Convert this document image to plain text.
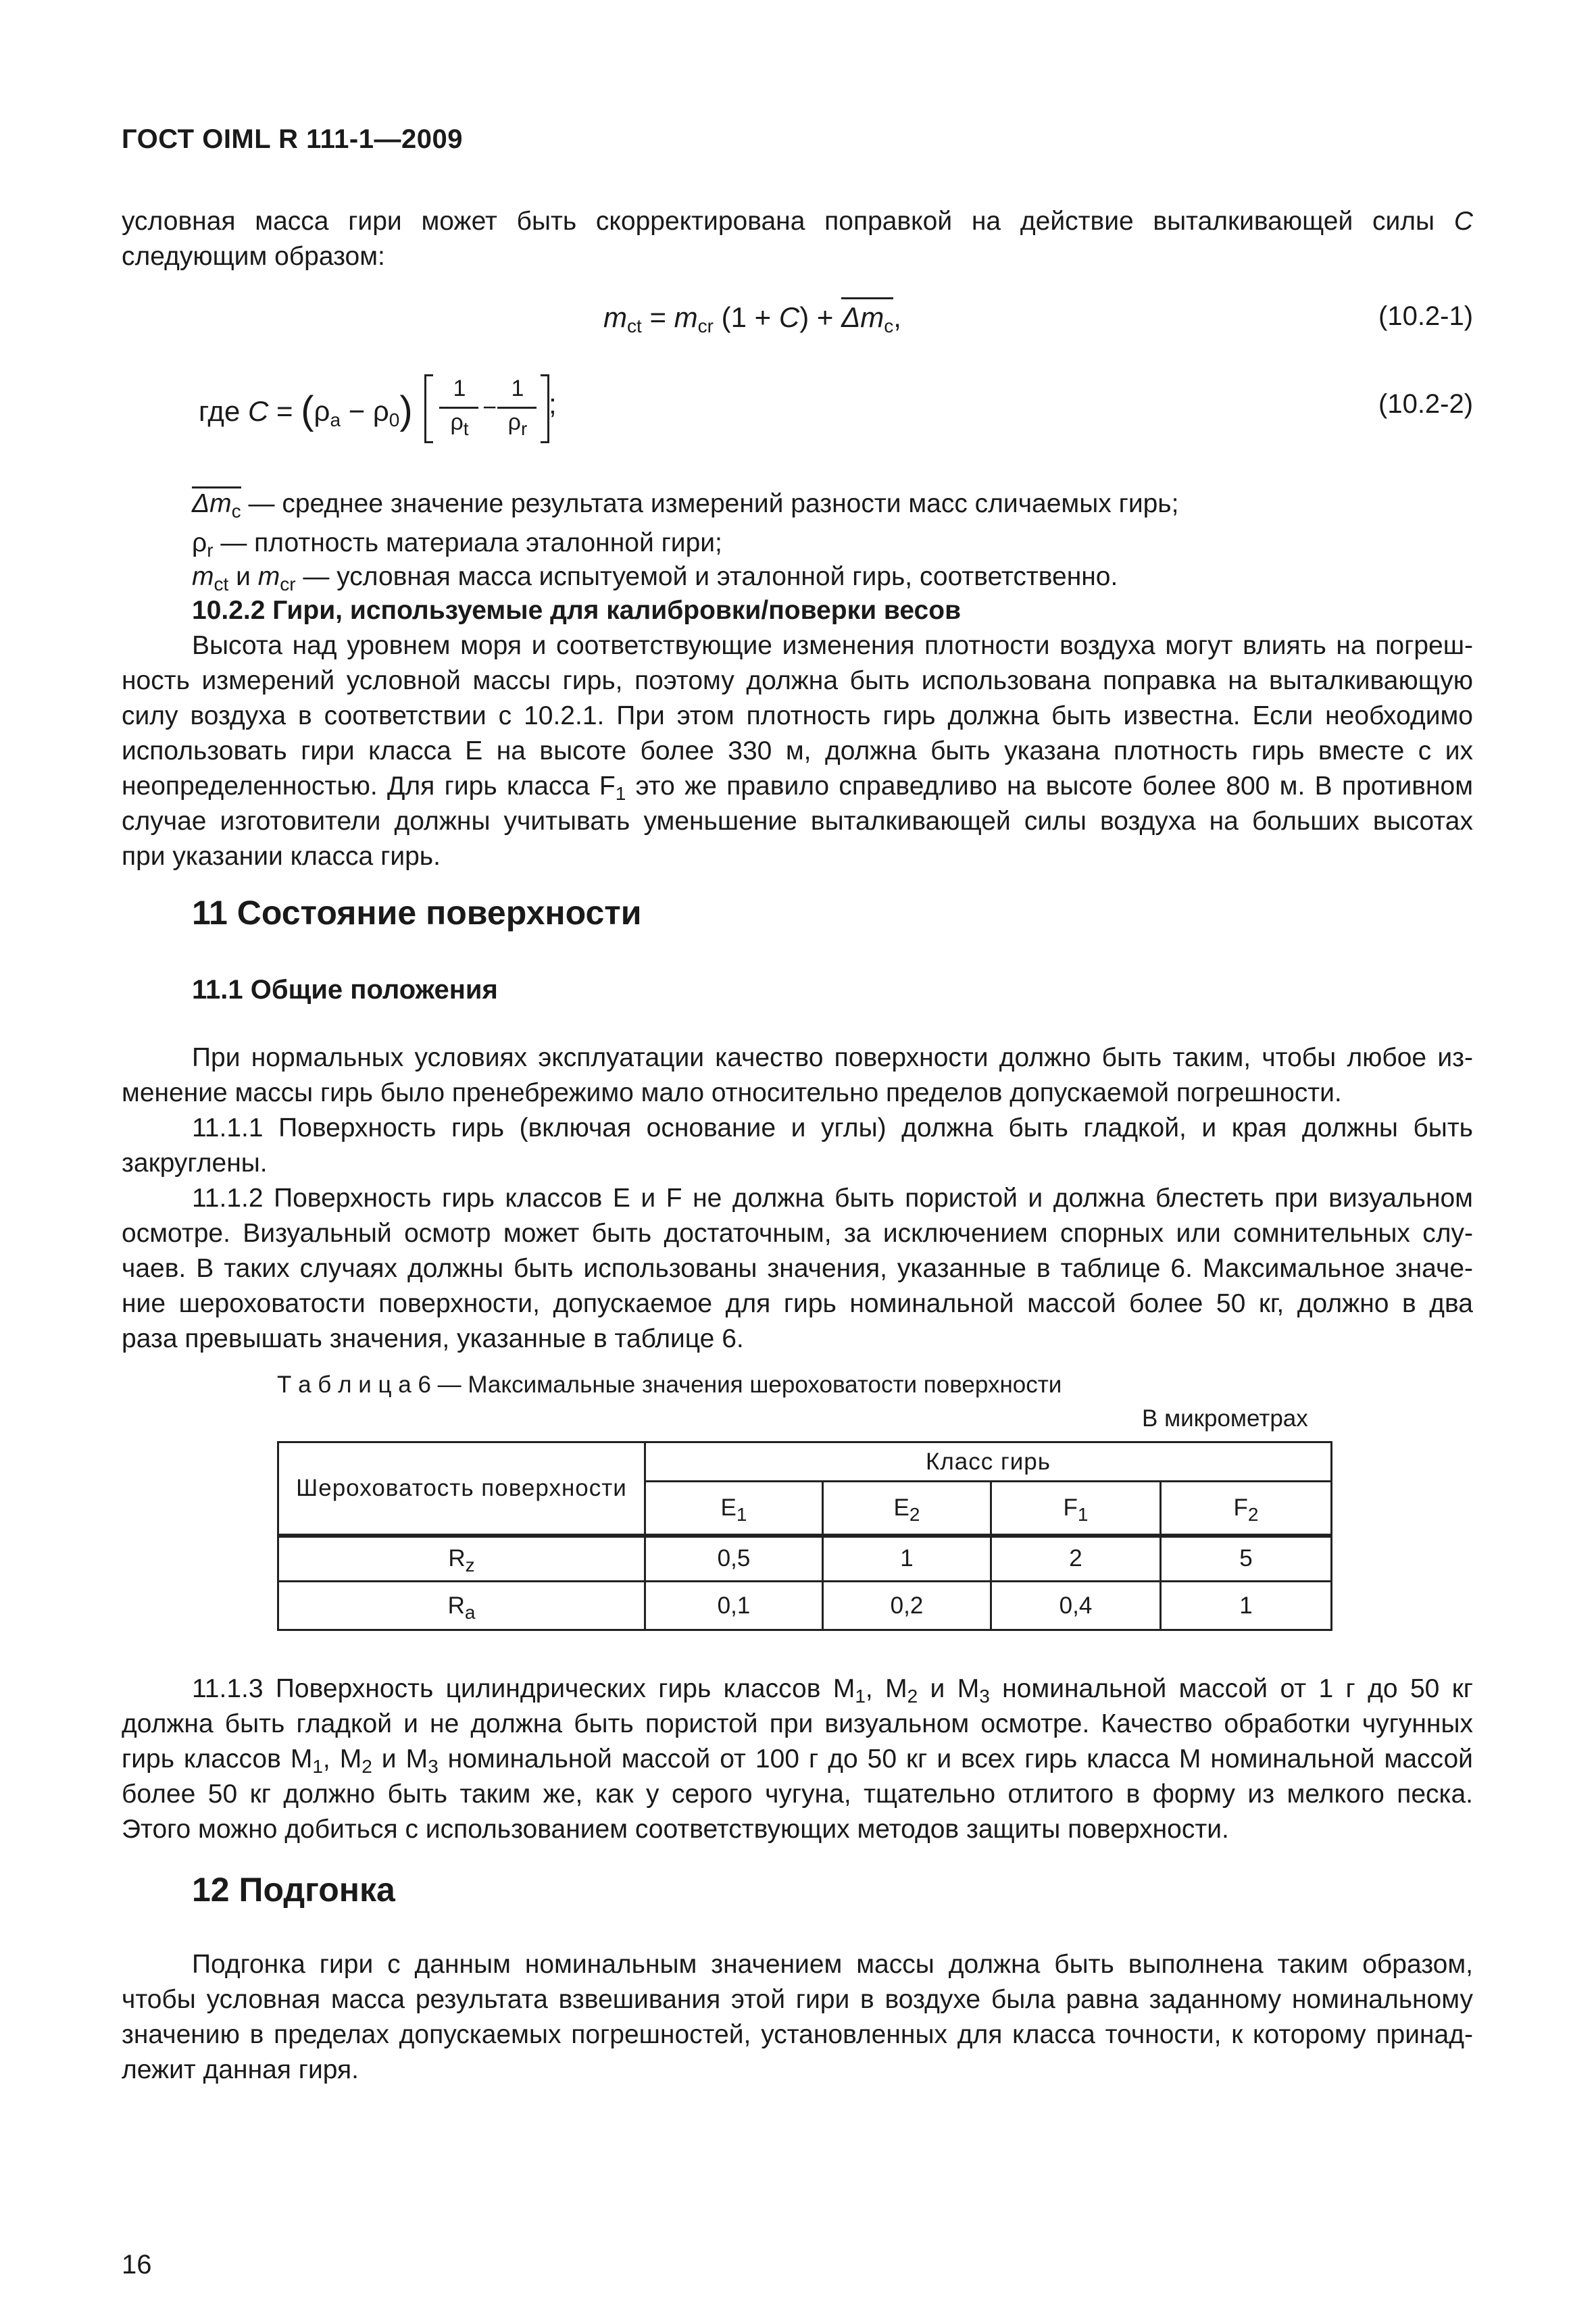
ГОСТ OIML R 111-1—2009
условная масса гири может быть скорректирована поправкой на действие выталкивающей силы C
следующим образом:
$m_{ct} = m_{cr}$ (1 + C) +
$\Delta m_c$,	(10.2-1)
где $C = (\rho_a - \rho_0)$	1
$\rho_t$
−
1
$\rho_r$
;	(10.2-2)
$\Delta m_c$ — среднее значение результата измерений разности масс сличаемых гирь;
$\rho_r$ — плотность материала эталонной гири;
$m_{ct}$ и $m_{cr}$ — условная масса испытуемой и эталонной гирь, соответственно.
10.2.2 Гири, используемые для калибровки/поверки весов
Высота над уровнем моря и соответствующие изменения плотности воздуха могут влиять на погреш-
ность измерений условной массы гирь, поэтому должна быть использована поправка на выталкивающую
силу воздуха в соответствии с 10.2.1. При этом плотность гирь должна быть известна. Если необходимо
использовать гири класса Е на высоте более 330 м, должна быть указана плотность гирь вместе с их
неопределенностью. Для гирь класса $F_1$ это же правило справедливо на высоте более 800 м. В противном
случае изготовители должны учитывать уменьшение выталкивающей силы воздуха на больших высотах
при указании класса гирь.
11 Состояние поверхности
11.1 Общие положения
При нормальных условиях эксплуатации качество поверхности должно быть таким, чтобы любое из-
менение массы гирь было пренебрежимо мало относительно пределов допускаемой погрешности.
11.1.1 Поверхность гирь (включая основание и углы) должна быть гладкой, и края должны быть
закруглены.
11.1.2 Поверхность гирь классов Е и F не должна быть пористой и должна блестеть при визуальном
осмотре. Визуальный осмотр может быть достаточным, за исключением спорных или сомнительных слу-
чаев. В таких случаях должны быть использованы значения, указанные в таблице 6. Максимальное значе-
ние шероховатости поверхности, допускаемое для гирь номинальной массой более 50 кг, должно в два
раза превышать значения, указанные в таблице 6.
Т а б л и ц а 6 — Максимальные значения шероховатости поверхности
В микрометрах
Шероховатость поверхности	Класс гирь			
	$E_1$	$E_2$	$F_1$	$F_2$
$R_z$	0,5	1	2	5
$R_a$	0,1	0,2	0,4	1
11.1.3 Поверхность цилиндрических гирь классов $М_1$, $М_2$ и $М_3$ номинальной массой от 1 г до 50 кг
должна быть гладкой и не должна быть пористой при визуальном осмотре. Качество обработки чугунных
гирь классов $М_1$, $М_2$ и $М_3$ номинальной массой от 100 г до 50 кг и всех гирь класса М номинальной массой
более 50 кг должно быть таким же, как у серого чугуна, тщательно отлитого в форму из мелкого песка.
Этого можно добиться с использованием соответствующих методов защиты поверхности.
12 Подгонка
Подгонка гири с данным номинальным значением массы должна быть выполнена таким образом,
чтобы условная масса результата взвешивания этой гири в воздухе была равна заданному номинальному
значению в пределах допускаемых погрешностей, установленных для класса точности, к которому принад-
лежит данная гиря.
16
